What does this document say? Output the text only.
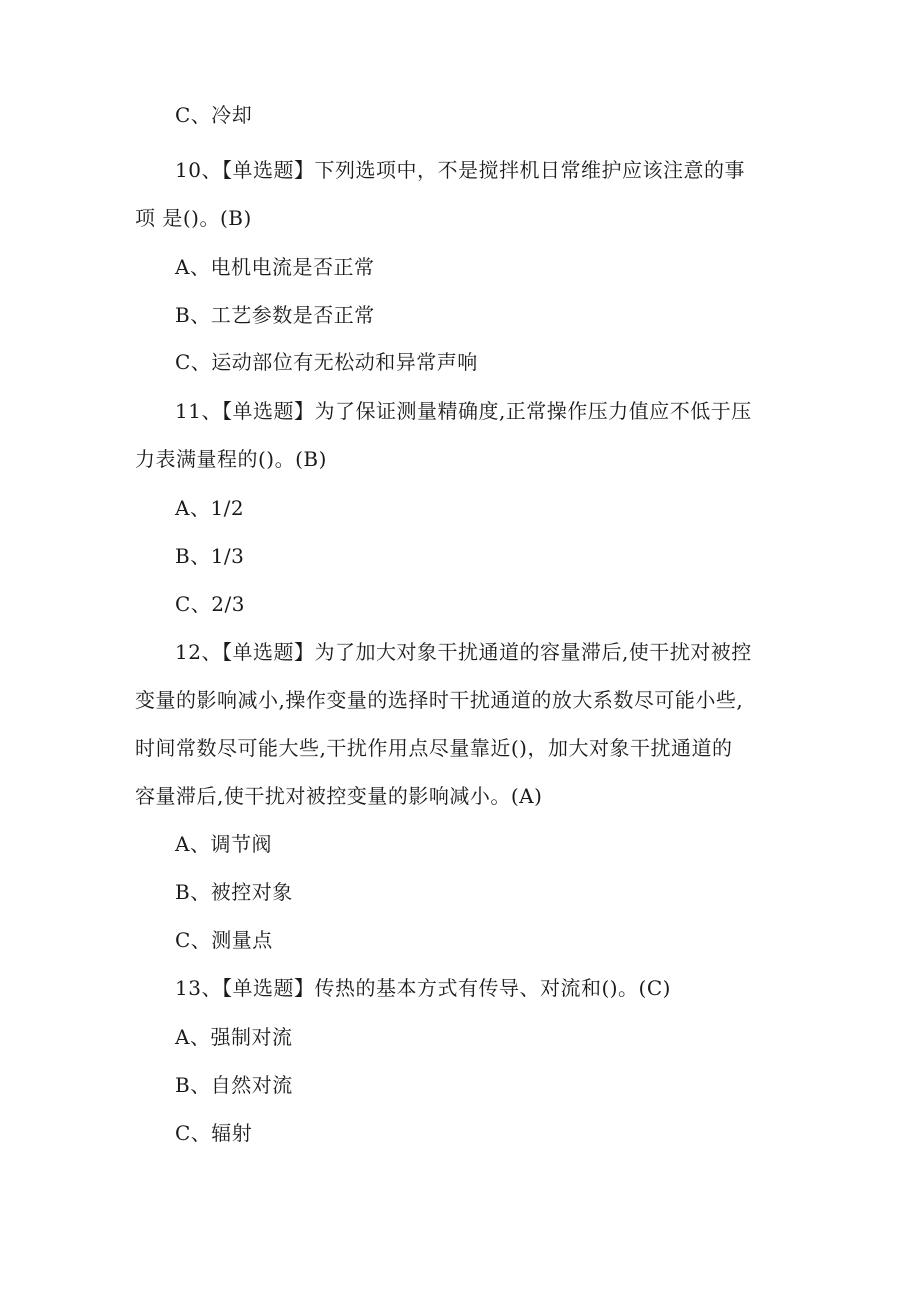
C、冷却
10、【单选题】下列选项中，不是搅拌机日常维护应该注意的事
项 是()。(B)
A、电机电流是否正常
B、工艺参数是否正常
C、运动部位有无松动和异常声响
11、【单选题】为了保证测量精确度,正常操作压力值应不低于压
力表满量程的()。(B)
A、1/2
B、1/3
C、2/3
12、【单选题】为了加大对象干扰通道的容量滞后,使干扰对被控
变量的影响减小,操作变量的选择时干扰通道的放大系数尽可能小些,
时间常数尽可能大些,干扰作用点尽量靠近()，加大对象干扰通道的
容量滞后,使干扰对被控变量的影响减小。(A)
A、调节阀
B、被控对象
C、测量点
13、【单选题】传热的基本方式有传导、对流和()。(C)
A、强制对流
B、自然对流
C、辐射
